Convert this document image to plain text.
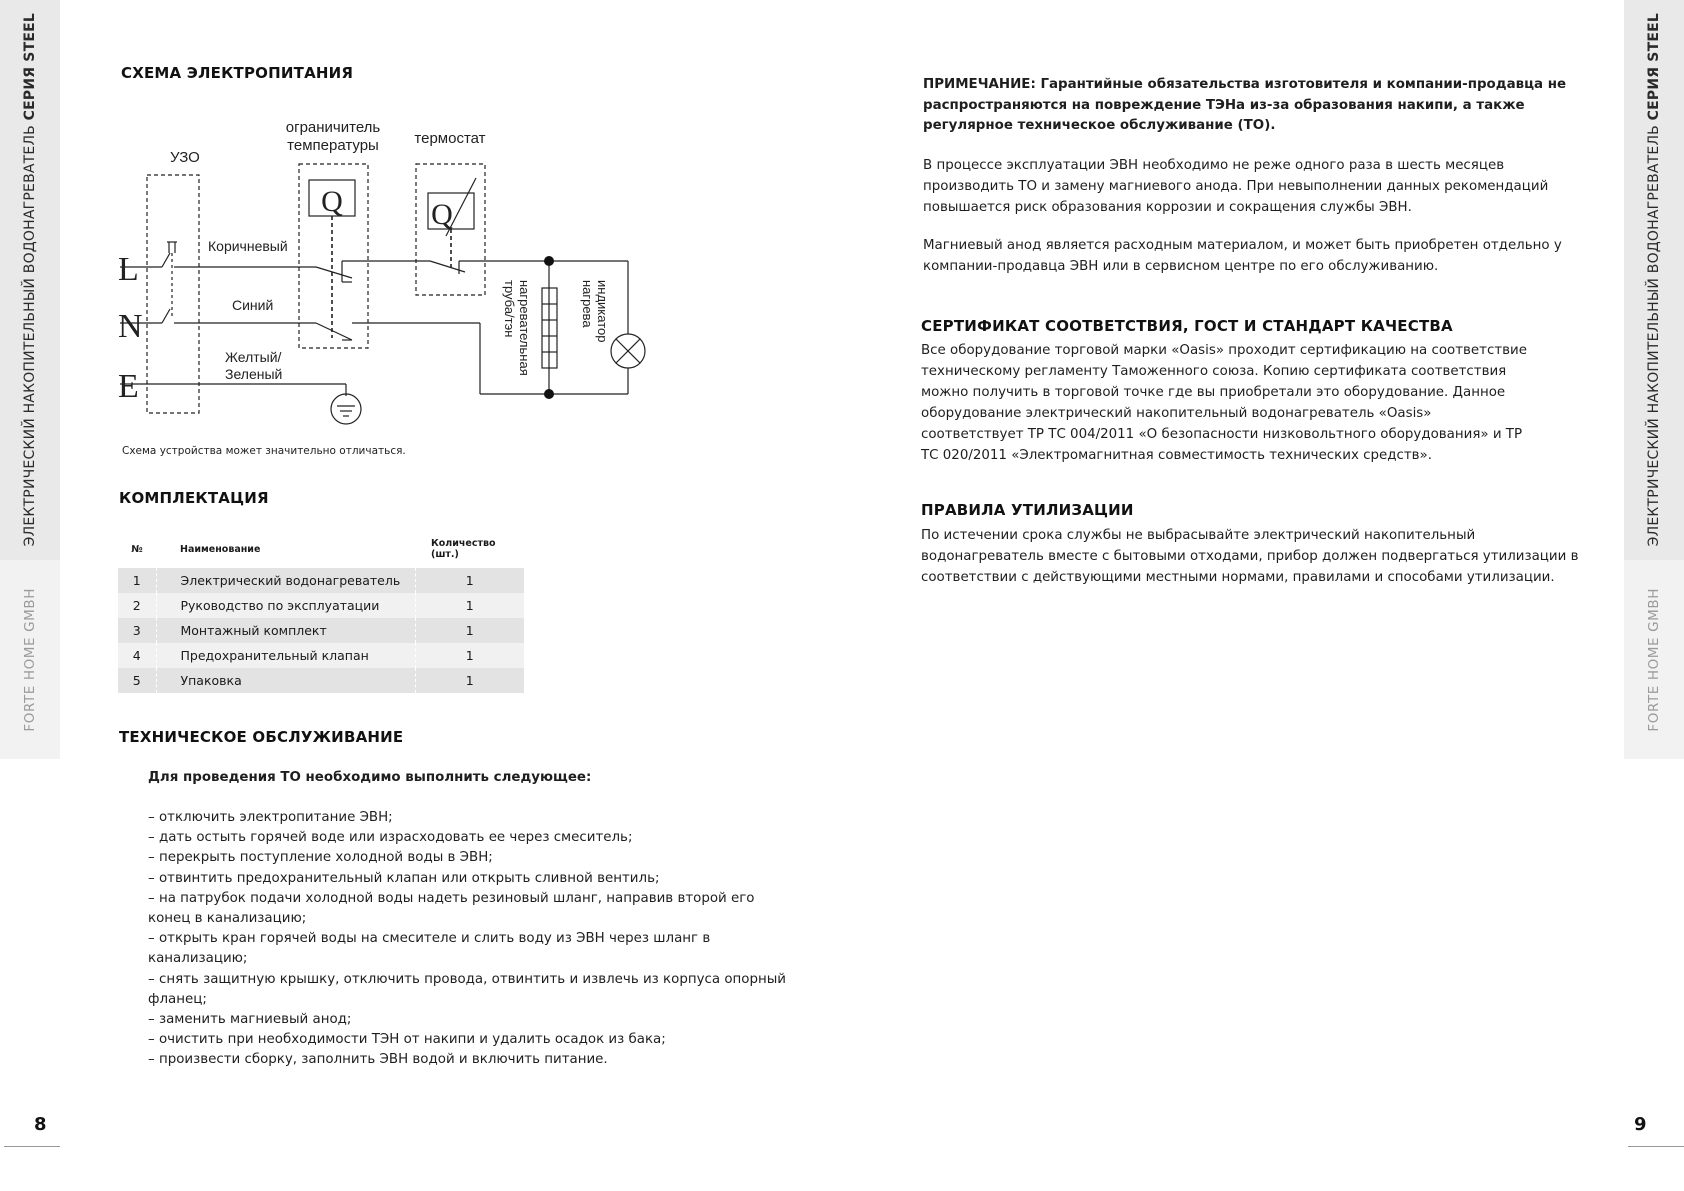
ЭЛЕКТРИЧЕСКИЙ НАКОПИТЕЛЬНЫЙ ВОДОНАГРЕВАТЕЛЬ СЕРИЯ STEEL
FORTE HOME GMBH
ЭЛЕКТРИЧЕСКИЙ НАКОПИТЕЛЬНЫЙ ВОДОНАГРЕВАТЕЛЬ СЕРИЯ STEEL
FORTE HOME GMBH
8	9
СХЕМА ЭЛЕКТРОПИТАНИЯ
УЗО
ограничитель
температуры термостат
Q	Q
Коричневый
Синий
Желтый/
Зеленый
L
N
E
нагревательная
труба/тэн	индикатор
нагрева
Схема устройства может значительно отличаться.
КОМПЛЕКТАЦИЯ
№	Наименование	Количество (шт.)
1	Электрический водонагреватель	1
2	Руководство по эксплуатации	1
3	Монтажный комплект	1
4	Предохранительный клапан	1
5	Упаковка	1
ТЕХНИЧЕСКОЕ ОБСЛУЖИВАНИЕ

Для проведения ТО необходимо выполнить следующее:

– отключить электропитание ЭВН;
– дать остыть горячей воде или израсходовать ее через смеситель;
– перекрыть поступление холодной воды в ЭВН;
– отвинтить предохранительный клапан или открыть сливной вентиль;
– на патрубок подачи холодной воды надеть резиновый шланг, направив второй его конец в канализацию;
– открыть кран горячей воды на смесителе и слить воду из ЭВН через шланг в канализацию;
– снять защитную крышку, отключить провода, отвинтить и извлечь из корпуса опорный фланец;
– заменить магниевый анод;
– очистить при необходимости ТЭН от накипи и удалить осадок из бака;
– произвести сборку, заполнить ЭВН водой и включить питание.

ПРИМЕЧАНИЕ: Гарантийные обязательства изготовителя и компании-продавца не распространяются на повреждение ТЭНа из-за образования накипи, а также регулярное техническое обслуживание (ТО).

В процессе эксплуатации ЭВН необходимо не реже одного раза в шесть месяцев производить ТО и замену магниевого анода. При невыполнении данных рекомендаций повышается риск образования коррозии и сокращения службы ЭВН.

Магниевый анод является расходным материалом, и может быть приобретен отдельно у компании-продавца ЭВН или в сервисном центре по его обслуживанию.

СЕРТИФИКАТ СООТВЕТСТВИЯ, ГОСТ И СТАНДАРТ КАЧЕСТВА

Все оборудование торговой марки «Oasis» проходит сертификацию на соответствие техническому регламенту Таможенного союза. Копию сертификата соответствия можно получить в торговой точке где вы приобретали это оборудование. Данное оборудование электрический накопительный водонагреватель «Oasis» соответствует ТР ТС 004/2011 «О безопасности низковольтного оборудования» и ТР ТС 020/2011 «Электромагнитная совместимость технических средств».

ПРАВИЛА УТИЛИЗАЦИИ

По истечении срока службы не выбрасывайте электрический накопительный водонагреватель вместе с бытовыми отходами, прибор должен подвергаться утилизации в соответствии с действующими местными нормами, правилами и способами утилизации.
